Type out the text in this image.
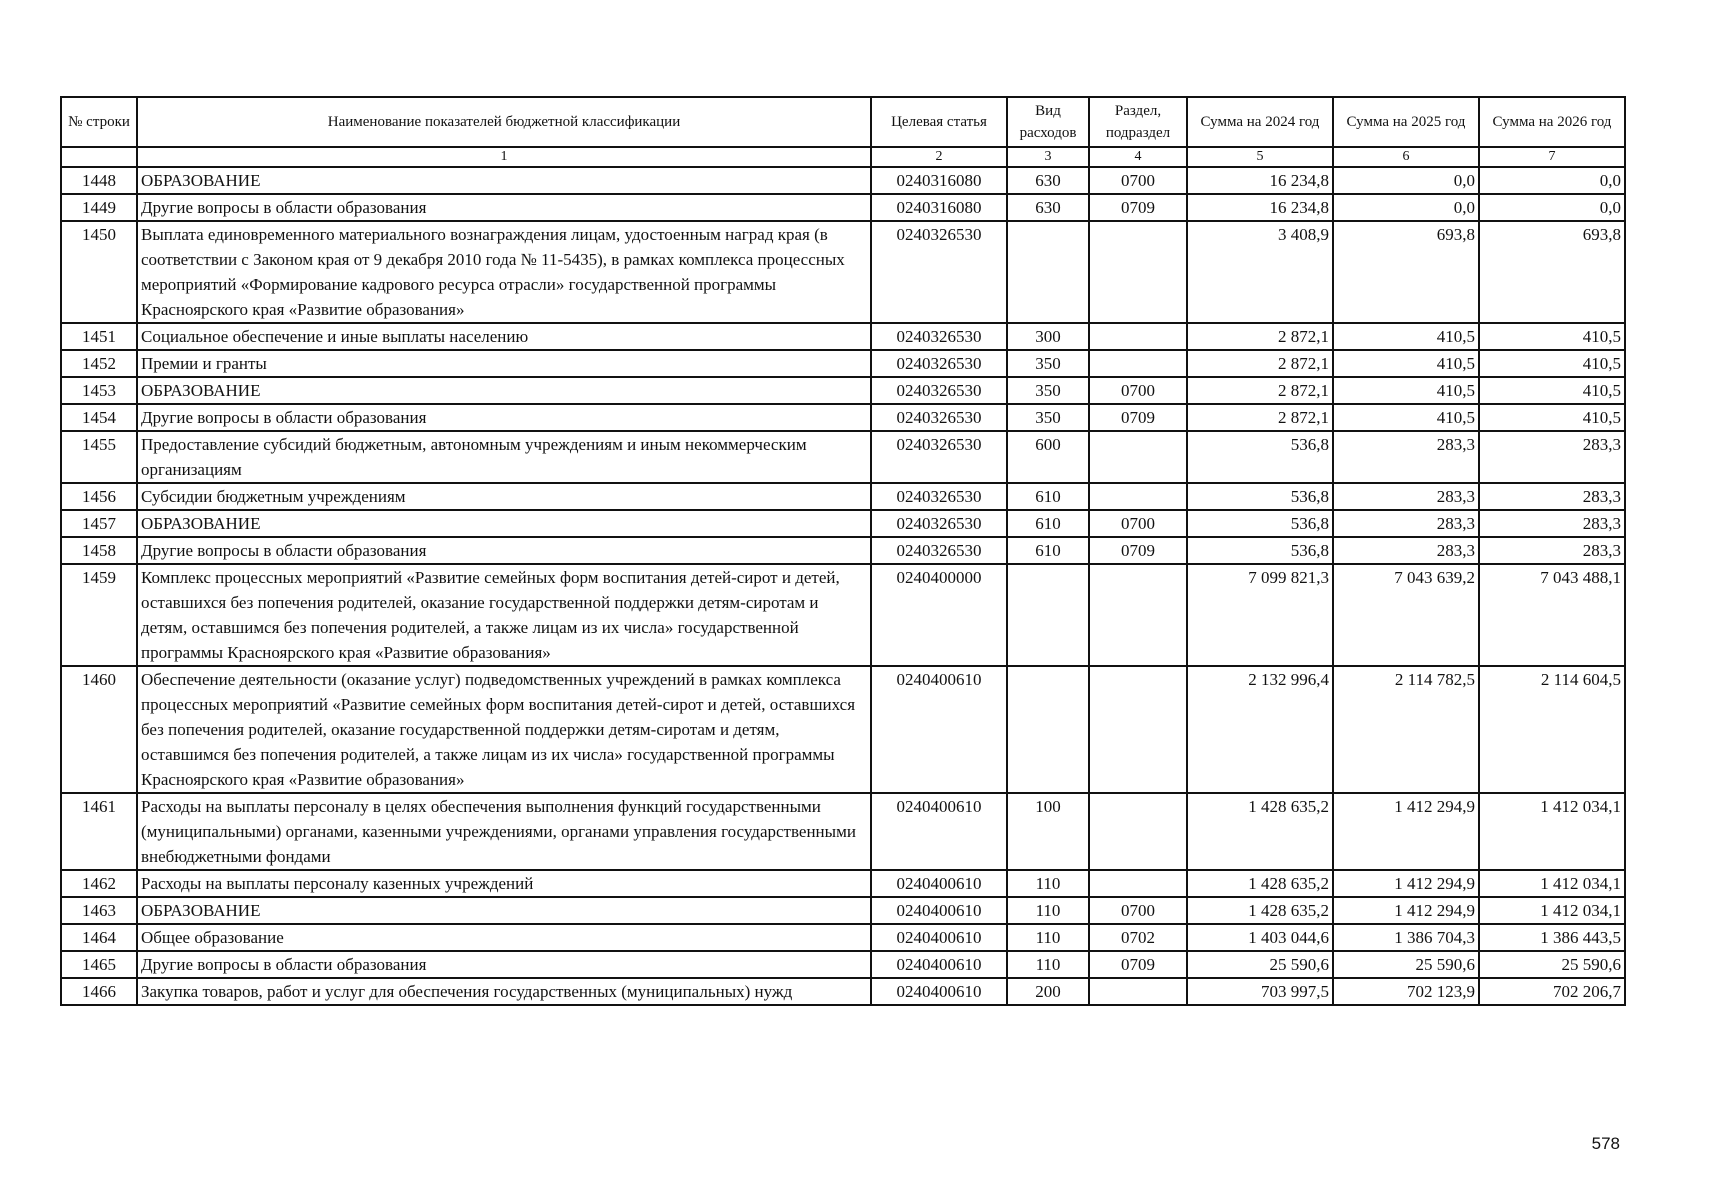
№ строки	Наименование показателей бюджетной классификации	Целевая статья	Вид расходов	Раздел, подраздел	Сумма на 2024 год	Сумма на 2025 год	Сумма на 2026 год
	1	2	3	4	5	6	7
1448	ОБРАЗОВАНИЕ	0240316080	630	0700	16 234,8	0,0	0,0
1449	Другие вопросы в области образования	0240316080	630	0709	16 234,8	0,0	0,0
1450	Выплата единовременного материального вознаграждения лицам, удостоенным наград края (в соответствии с Законом края от 9 декабря 2010 года № 11-5435), в рамках комплекса процессных мероприятий «Формирование кадрового ресурса отрасли» государственной программы Красноярского края «Развитие образования»	0240326530			3 408,9	693,8	693,8
1451	Социальное обеспечение и иные выплаты населению	0240326530	300		2 872,1	410,5	410,5
1452	Премии и гранты	0240326530	350		2 872,1	410,5	410,5
1453	ОБРАЗОВАНИЕ	0240326530	350	0700	2 872,1	410,5	410,5
1454	Другие вопросы в области образования	0240326530	350	0709	2 872,1	410,5	410,5
1455	Предоставление субсидий бюджетным, автономным учреждениям и иным некоммерческим организациям	0240326530	600		536,8	283,3	283,3
1456	Субсидии бюджетным учреждениям	0240326530	610		536,8	283,3	283,3
1457	ОБРАЗОВАНИЕ	0240326530	610	0700	536,8	283,3	283,3
1458	Другие вопросы в области образования	0240326530	610	0709	536,8	283,3	283,3
1459	Комплекс процессных мероприятий «Развитие семейных форм воспитания детей-сирот и детей, оставшихся без попечения родителей, оказание государственной поддержки детям-сиротам и детям, оставшимся без попечения родителей, а также лицам из их числа» государственной программы Красноярского края «Развитие образования»	0240400000			7 099 821,3	7 043 639,2	7 043 488,1
1460	Обеспечение деятельности (оказание услуг) подведомственных учреждений в рамках комплекса процессных мероприятий «Развитие семейных форм воспитания детей-сирот и детей, оставшихся без попечения родителей, оказание государственной поддержки детям-сиротам и детям, оставшимся без попечения родителей, а также лицам из их числа» государственной программы Красноярского края «Развитие образования»	0240400610			2 132 996,4	2 114 782,5	2 114 604,5
1461	Расходы на выплаты персоналу в целях обеспечения выполнения функций государственными (муниципальными) органами, казенными учреждениями, органами управления государственными внебюджетными фондами	0240400610	100		1 428 635,2	1 412 294,9	1 412 034,1
1462	Расходы на выплаты персоналу казенных учреждений	0240400610	110		1 428 635,2	1 412 294,9	1 412 034,1
1463	ОБРАЗОВАНИЕ	0240400610	110	0700	1 428 635,2	1 412 294,9	1 412 034,1
1464	Общее образование	0240400610	110	0702	1 403 044,6	1 386 704,3	1 386 443,5
1465	Другие вопросы в области образования	0240400610	110	0709	25 590,6	25 590,6	25 590,6
1466	Закупка товаров, работ и услуг для обеспечения государственных (муниципальных) нужд	0240400610	200		703 997,5	702 123,9	702 206,7
578
